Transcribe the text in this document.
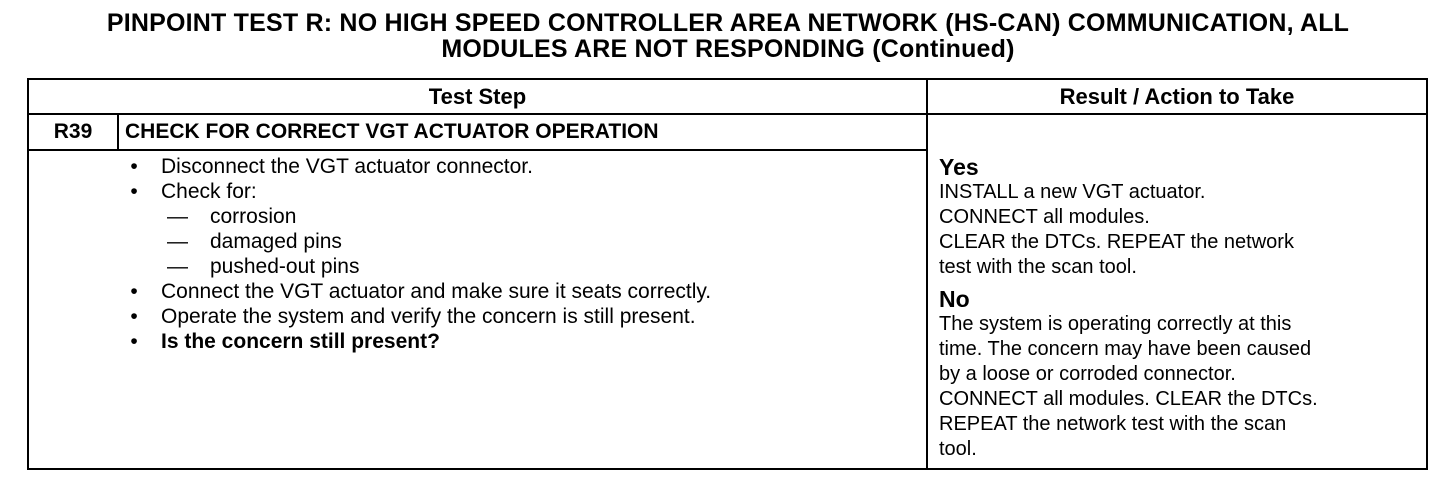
PINPOINT TEST R: NO HIGH SPEED CONTROLLER AREA NETWORK (HS-CAN) COMMUNICATION, ALL
MODULES ARE NOT RESPONDING (Continued)
Test Step	Result / Action to Take
R39	CHECK FOR CORRECT VGT ACTUATOR OPERATION
• Disconnect the VGT actuator connector.
• Check for:
— corrosion
— damaged pins
— pushed-out pins
• Connect the VGT actuator and make sure it seats correctly.
• Operate the system and verify the concern is still present.
• Is the concern still present?
Yes
INSTALL a new VGT actuator.
CONNECT all modules.
CLEAR the DTCs. REPEAT the network
test with the scan tool.
No
The system is operating correctly at this
time. The concern may have been caused
by a loose or corroded connector.
CONNECT all modules. CLEAR the DTCs.
REPEAT the network test with the scan
tool.
